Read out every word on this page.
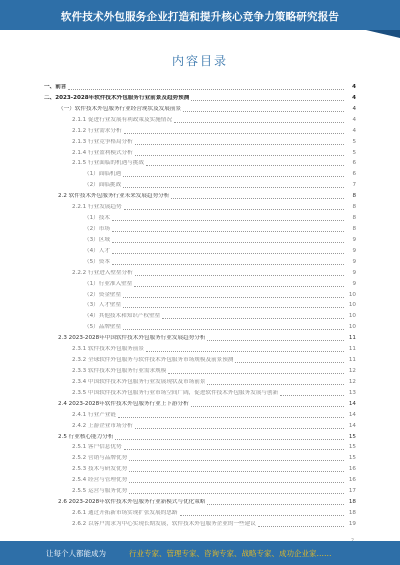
软件技术外包服务企业打造和提升核心竞争力策略研究报告
内容目录
一、前言	4
二、2023-2028年软件技术外包服务行业前景及趋势预测	4
（一）软件技术外包服务行业经营现状及发展前景	4
2.1.1 促进行业发展有利政策及实施情况	4
2.1.2 行业需求分析	4
2.1.3 行业竞争格局分析	5
2.1.4 行业盈利模式分析	5
2.1.5 行业面临的机遇与挑战	6
（1）面临机遇	6
（2）面临挑战	7
2.2 软件技术外包服务行业未来发展趋势分析	8
2.2.1 行业发展趋势	8
（1）技术	8
（2）市场	8
（3）区域	9
（4）人才	9
（5）资本	9
2.2.2 行业进入壁垒分析	9
（1）行业准入壁垒	9
（2）资金壁垒	10
（3）人才壁垒	10
（4）其他技术和知识产权壁垒	10
（5）品牌壁垒	10
2.3 2023-2028年中国软件技术外包服务行业发展趋势分析	11
2.3.1 软件技术外包服务前景	11
2.3.2 全球软件外包服务与软件技术外包服务市场规模及前景预测	11
2.3.3 软件技术外包服务行业需求规模	12
2.3.4 中国软件技术外包服务行业发展现状及市场前景	12
2.3.5 中国软件技术外包服务行业市场空间广阔，促进软件技术外包服务发展与创新	13
2.4 2023-2028年软件技术外包服务行业上下游分析	14
2.4.1 行业产业链	14
2.4.2 上游企业市场分析	14
2.5 行业核心能力分析	15
2.5.1 客户信息优势	15
2.5.2 营销与品牌优势	15
2.5.3 技术与研发优势	16
2.5.4 经营与管理优势	16
2.5.5 运营与服务优势	17
2.6 2023-2028年软件技术外包服务行业新模式与优化策略	18
2.6.1 通过开拓新市场实现扩张发展的思路	18
2.6.2 以客户需求为中心实现长期发展，软件技术外包服务企业的一些建议	19
让每个人都能成为	行业专家、管理专家、咨询专家、战略专家、成功企业家……
